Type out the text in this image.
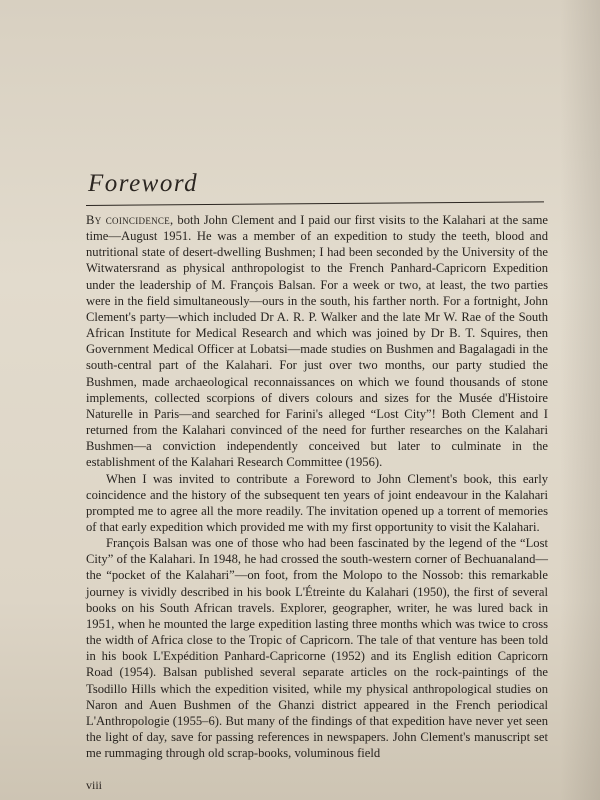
Foreword

By coincidence, both John Clement and I paid our first visits to the Kalahari at the same time—August 1951. He was a member of an expedition to study the teeth, blood and nutritional state of desert-dwelling Bushmen; I had been seconded by the University of the Witwatersrand as physical anthropologist to the French Panhard-Capricorn Expedition under the leadership of M. François Balsan. For a week or two, at least, the two parties were in the field simultaneously—ours in the south, his farther north. For a fortnight, John Clement's party—which included Dr A. R. P. Walker and the late Mr W. Rae of the South African Institute for Medical Research and which was joined by Dr B. T. Squires, then Government Medical Officer at Lobatsi—made studies on Bushmen and Bagalagadi in the south-central part of the Kalahari. For just over two months, our party studied the Bushmen, made archaeological reconnaissances on which we found thousands of stone implements, collected scorpions of divers colours and sizes for the Musée d'Histoire Naturelle in Paris—and searched for Farini's alleged “Lost City”! Both Clement and I returned from the Kalahari convinced of the need for further researches on the Kalahari Bushmen—a conviction independently conceived but later to culminate in the establishment of the Kalahari Research Committee (1956).

When I was invited to contribute a Foreword to John Clement's book, this early coincidence and the history of the subsequent ten years of joint endeavour in the Kalahari prompted me to agree all the more readily. The invitation opened up a torrent of memories of that early expedition which provided me with my first opportunity to visit the Kalahari.

François Balsan was one of those who had been fascinated by the legend of the “Lost City” of the Kalahari. In 1948, he had crossed the south-western corner of Bechuanaland—the “pocket of the Kalahari”—on foot, from the Molopo to the Nossob: this remarkable journey is vividly described in his book L'Étreinte du Kalahari (1950), the first of several books on his South African travels. Explorer, geographer, writer, he was lured back in 1951, when he mounted the large expedition lasting three months which was twice to cross the width of Africa close to the Tropic of Capricorn. The tale of that venture has been told in his book L'Expédition Panhard-Capricorne (1952) and its English edition Capricorn Road (1954). Balsan published several separate articles on the rock-paintings of the Tsodillo Hills which the expedition visited, while my physical anthropological studies on Naron and Auen Bushmen of the Ghanzi district appeared in the French periodical L'Anthropologie (1955–6). But many of the findings of that expedition have never yet seen the light of day, save for passing references in newspapers. John Clement's manuscript set me rummaging through old scrap-books, voluminous field

viii
